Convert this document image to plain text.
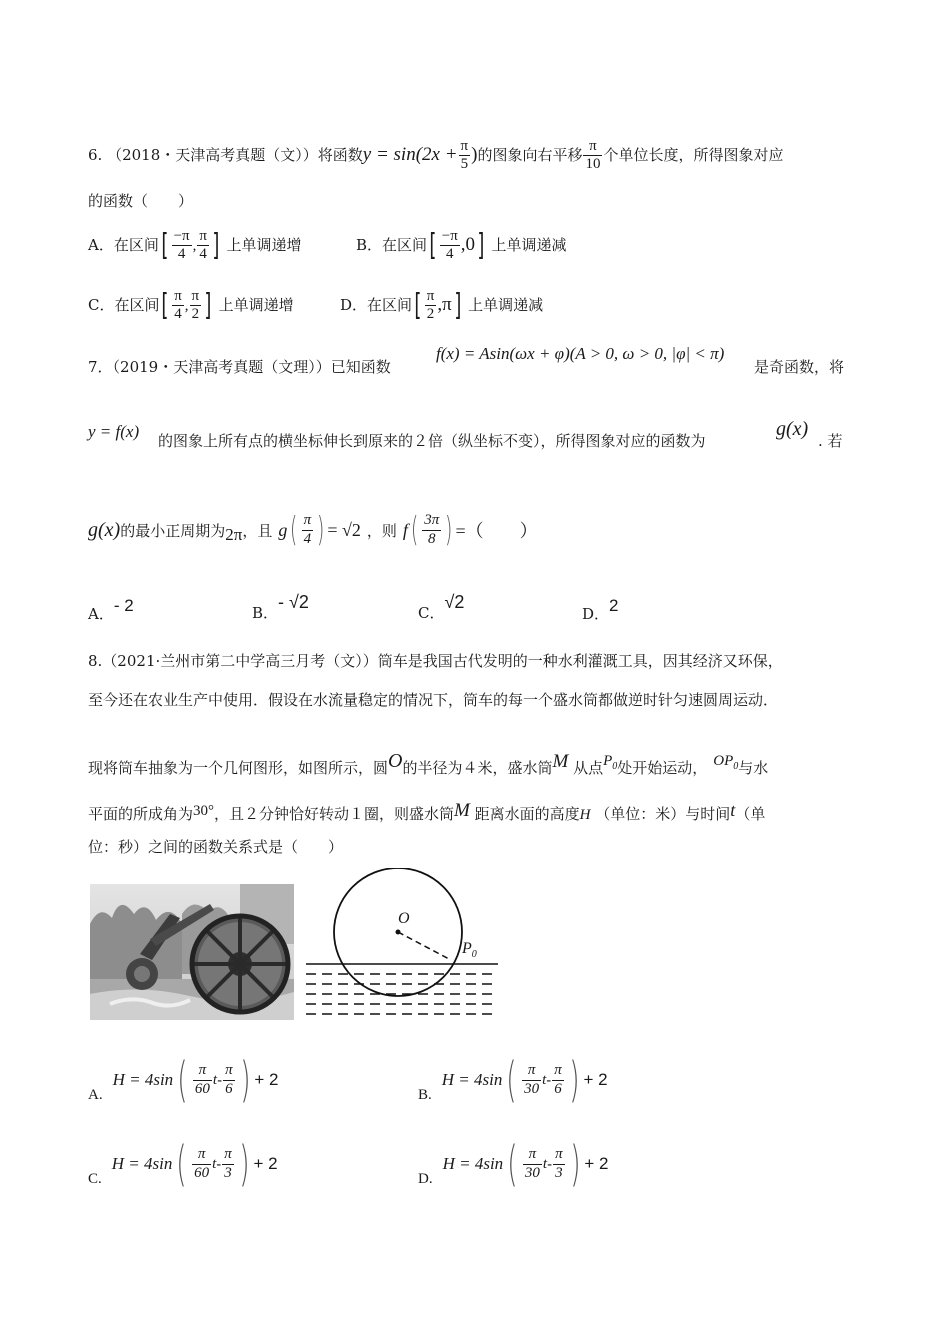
6. （2018・天津高考真题（文））将函数$y = \sin(2x + \frac{\pi}{5}$ )的图象向右平移 $\frac{\pi}{10}$ 个单位长度，所得图象对应
的函数（　　）
A．在区间[ $\frac{-\pi}{4}$ , $\frac{\pi}{4}$ ] 上单调递增	B．在区间[ $\frac{-\pi}{4} ,0$] 上单调递减
C．在区间[ $\frac{\pi}{4}$ , $\frac{\pi}{2}$ ] 上单调递增	D．在区间[ $\frac{\pi}{2} ,\pi$] 上单调递减
7．（2019・天津高考真题（文理））已知函数
f(x) = Asin(ωx + φ)(A > 0, ω > 0, |φ| < π)
是奇函数，将
y = f(x) 的图象上所有点的横坐标伸长到原来的２倍（纵坐标不变），所得图象对应的函数为
g(x)
. 若
g(x) 的最小正周期为 2π ，且 g ( $\frac{\pi}{4}$ ) = √2 ，则 f ( $\frac{3\pi}{8}$ ) =（　　）
A．- 2	B．- √2
C．√2
D．2
8.（2021·兰州市第二中学高三月考（文））筒车是我国古代发明的一种水利灌溉工具，因其经济又环保，
至今还在农业生产中使用．假设在水流量稳定的情况下，筒车的每一个盛水筒都做逆时针匀速圆周运动．
现将筒车抽象为一个几何图形，如图所示，圆O的半径为４米，盛水筒M 从点$P_0$处开始运动， $OP_0$与水
平面的所成角为30°，且２分钟恰好转动１圈，则盛水筒M 距离水面的高度H （单位：米）与时间t（单
位：秒）之间的函数关系式是（　　）
O
$P_0$
A.
H = 4sin ( $\frac{\pi}{60}$ t - $\frac{\pi}{6}$ ) + 2
B.
H = 4sin ( $\frac{\pi}{30}$ t - $\frac{\pi}{6}$ ) + 2
C.
H = 4sin ( $\frac{\pi}{60}$ t - $\frac{\pi}{3}$ ) + 2
D.
H = 4sin ( $\frac{\pi}{30}$ t - $\frac{\pi}{3}$ ) + 2
